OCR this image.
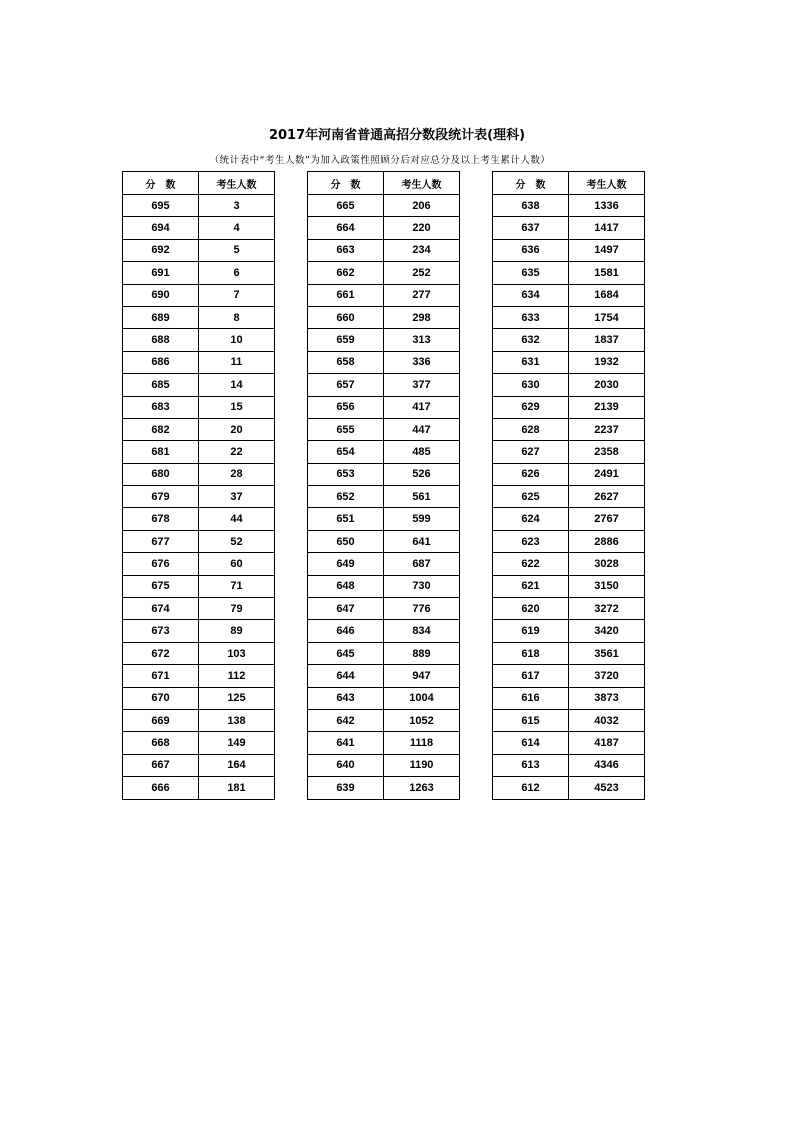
2017年河南省普通高招分数段统计表(理科)
（统计表中“考生人数”为加入政策性照顾分后对应总分及以上考生累计人数）
分　数	考生人数
695	3
694	4
692	5
691	6
690	7
689	8
688	10
686	11
685	14
683	15
682	20
681	22
680	28
679	37
678	44
677	52
676	60
675	71
674	79
673	89
672	103
671	112
670	125
669	138
668	149
667	164
666	181
分　数	考生人数
665	206
664	220
663	234
662	252
661	277
660	298
659	313
658	336
657	377
656	417
655	447
654	485
653	526
652	561
651	599
650	641
649	687
648	730
647	776
646	834
645	889
644	947
643	1004
642	1052
641	1118
640	1190
639	1263
分　数	考生人数
638	1336
637	1417
636	1497
635	1581
634	1684
633	1754
632	1837
631	1932
630	2030
629	2139
628	2237
627	2358
626	2491
625	2627
624	2767
623	2886
622	3028
621	3150
620	3272
619	3420
618	3561
617	3720
616	3873
615	4032
614	4187
613	4346
612	4523
